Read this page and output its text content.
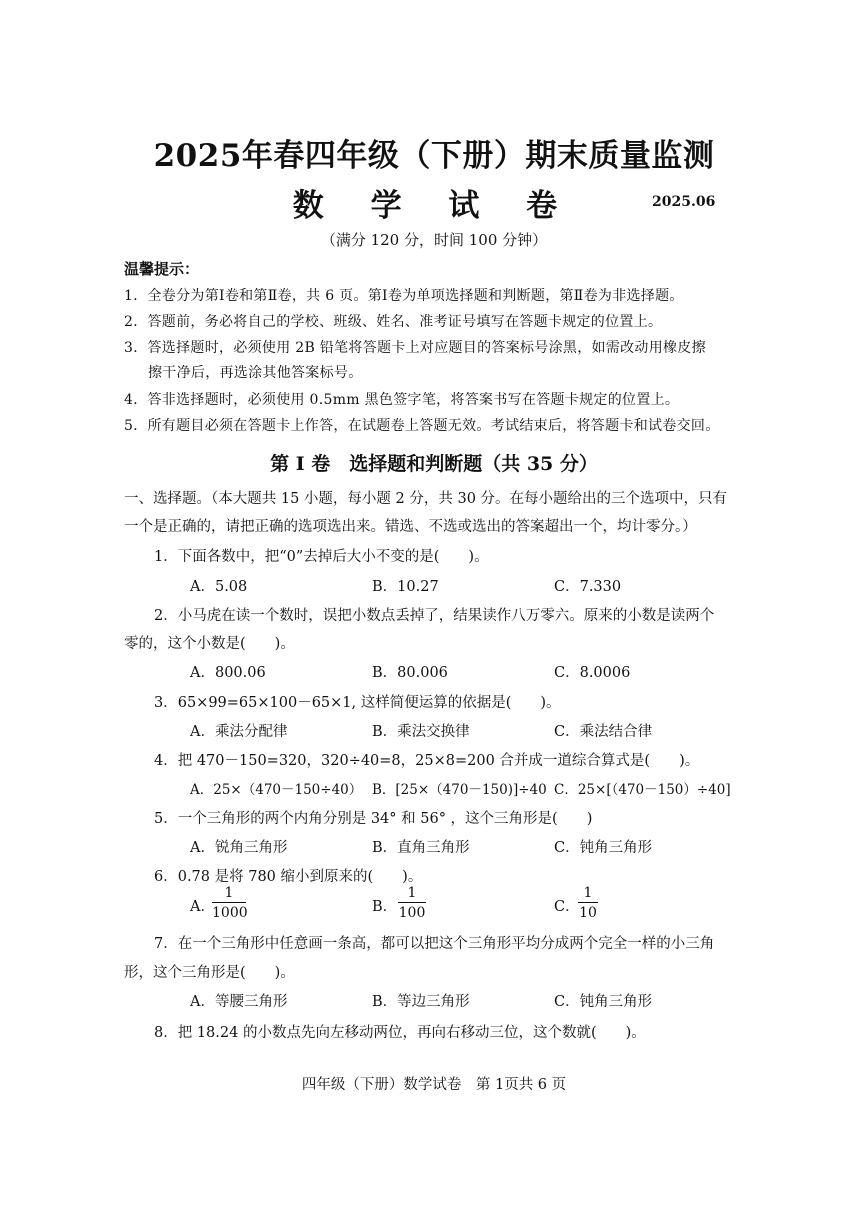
2025年春四年级（下册）期末质量监测
数 学 试 卷	2025.06
（满分 120 分，时间 100 分钟）
温馨提示：
1．全卷分为第Ⅰ卷和第Ⅱ卷，共 6 页。第Ⅰ卷为单项选择题和判断题，第Ⅱ卷为非选择题。
2．答题前，务必将自己的学校、班级、姓名、准考证号填写在答题卡规定的位置上。
3．答选择题时，必须使用 2B 铅笔将答题卡上对应题目的答案标号涂黑，如需改动用橡皮擦
擦干净后，再选涂其他答案标号。
4．答非选择题时，必须使用 0.5mm 黑色签字笔，将答案书写在答题卡规定的位置上。
5．所有题目必须在答题卡上作答，在试题卷上答题无效。考试结束后，将答题卡和试卷交回。
第 I 卷　选择题和判断题（共 35 分）
一、选择题。（本大题共 15 小题，每小题 2 分，共 30 分。在每小题给出的三个选项中，只有
一个是正确的，请把正确的选项选出来。错选、不选或选出的答案超出一个，均计零分。）
1．下面各数中，把“0”去掉后大小不变的是(　　)。
A．5.08	B．10.27	C．7.330
2．小马虎在读一个数时，误把小数点丢掉了，结果读作八万零六。原来的小数是读两个
零的，这个小数是(　　)。
A．800.06	B．80.006	C．8.0006
3．65×99=65×100－65×1, 这样简便运算的依据是(　　)。
A．乘法分配律	B．乘法交换律	C．乘法结合律
4．把 470－150=320，320÷40=8，25×8=200 合并成一道综合算式是(　　)。
A．25×（470－150÷40） B．[25×（470－150)]÷40 C．25×[（470－150）÷40]
5．一个三角形的两个内角分别是 34° 和 56° ，这个三角形是(　　)
A．锐角三角形	B．直角三角形	C．钝角三角形
6．0.78 是将 780 缩小到原来的(　　)。
A．
1
1000	B．
1
100	C．
1
10
7．在一个三角形中任意画一条高，都可以把这个三角形平均分成两个完全一样的小三角
形，这个三角形是(　　)。
A．等腰三角形	B．等边三角形	C．钝角三角形
8．把 18.24 的小数点先向左移动两位，再向右移动三位，这个数就(　　)。
四年级（下册）数学试卷　第 1页共 6 页
